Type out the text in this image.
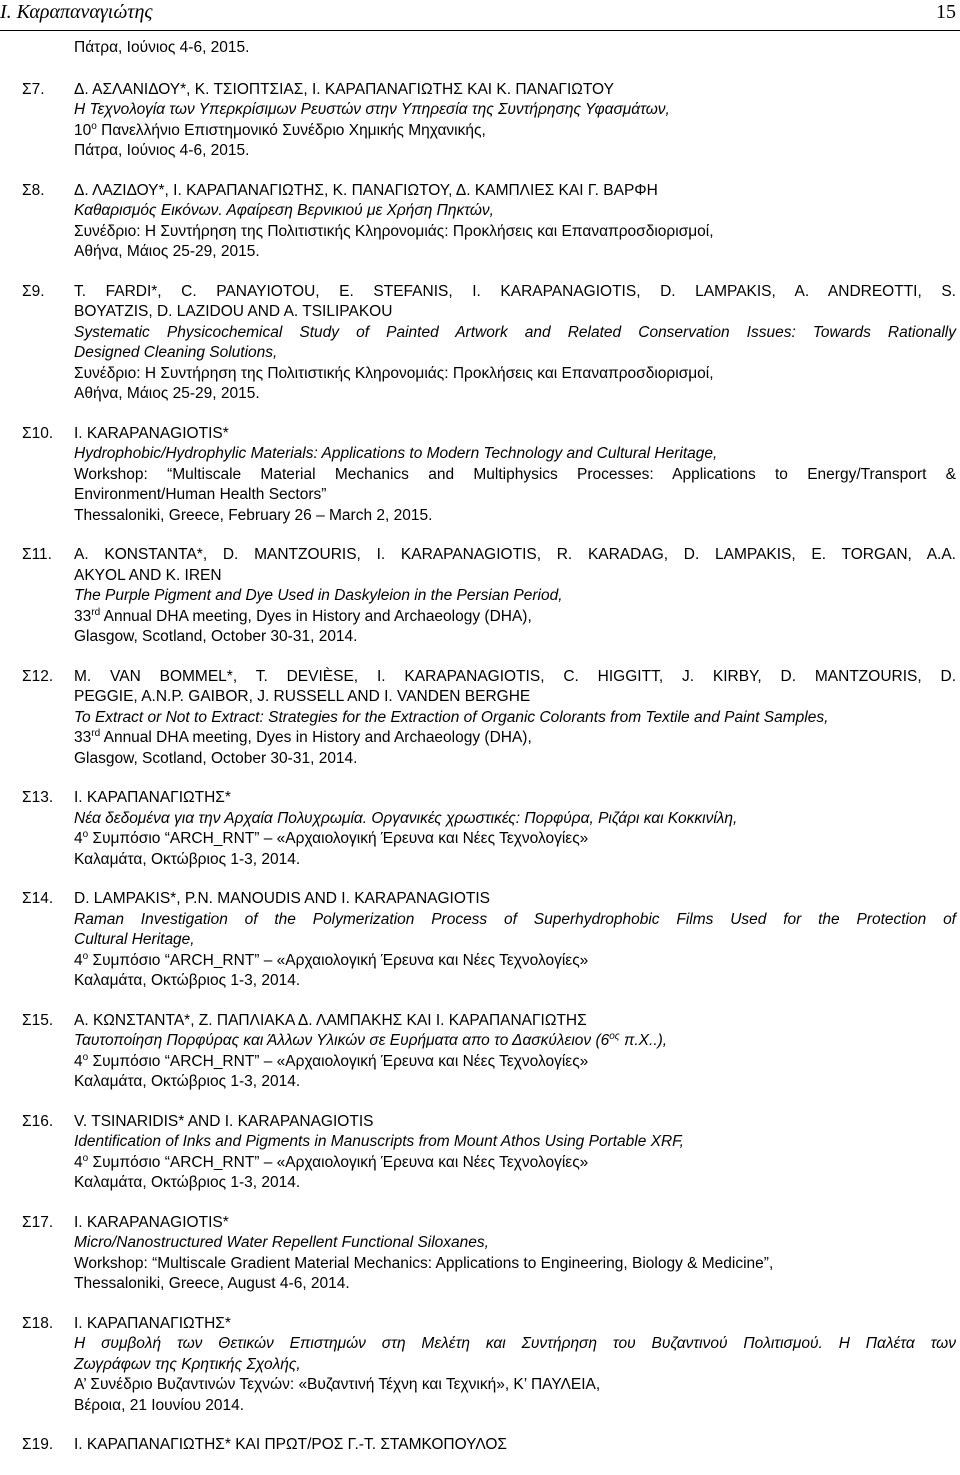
Ι. Καραπαναγιώτης	15
Πάτρα, Ιούνιος 4-6, 2015.
Σ7. Δ. ΑΣΛΑΝΙΔΟΥ*, Κ. ΤΣΙΟΠΤΣΙΑΣ, Ι. ΚΑΡΑΠΑΝΑΓΙΩΤΗΣ ΚΑΙ Κ. ΠΑΝΑΓΙΩΤΟΥ
Η Τεχνολογία των Υπερκρίσιμων Ρευστών στην Υπηρεσία της Συντήρησης Υφασμάτων,
$10^o$ Πανελλήνιο Επιστημονικό Συνέδριο Χημικής Μηχανικής,
Πάτρα, Ιούνιος 4-6, 2015.
Σ8. Δ. ΛΑΖΙΔΟΥ*, Ι. ΚΑΡΑΠΑΝΑΓΙΩΤΗΣ, Κ. ΠΑΝΑΓΙΩΤΟΥ, Δ. ΚΑΜΠΛΙΕΣ ΚΑΙ Γ. ΒΑΡΦΗ
Καθαρισμός Εικόνων. Αφαίρεση Βερνικιού με Χρήση Πηκτών,
Συνέδριο: Η Συντήρηση της Πολιτιστικής Κληρονομιάς: Προκλήσεις και Επαναπροσδιορισμοί,
Αθήνα, Μάιος 25-29, 2015.
Σ9. T. FARDI*, C. PANAYIOTOU, E. STEFANIS, I. KARAPANAGIOTIS, D. LAMPAKIS, A. ANDREOTTI, S.
BOYATZIS, D. LAZIDOU AND A. TSILIPAKOU
Systematic Physicochemical Study of Painted Artwork and Related Conservation Issues: Towards Rationally
Designed Cleaning Solutions,
Συνέδριο: Η Συντήρηση της Πολιτιστικής Κληρονομιάς: Προκλήσεις και Επαναπροσδιορισμοί,
Αθήνα, Μάιος 25-29, 2015.
Σ10. I. KARAPANAGIOTIS*
Hydrophobic/Hydrophylic Materials: Applications to Modern Technology and Cultural Heritage,
Workshop: “Multiscale Material Mechanics and Multiphysics Processes: Applications to Energy/Transport &
Environment/Human Health Sectors”
Thessaloniki, Greece, February 26 – March 2, 2015.
Σ11. A. KONSTANTA*, D. MANTZOURIS, I. KARAPANAGIOTIS, R. KARADAG, D. LAMPAKIS, E. TORGAN, A.A.
AKYOL AND K. IREN
The Purple Pigment and Dye Used in Daskyleion in the Persian Period,
33rd Annual DHA meeting, Dyes in History and Archaeology (DHA),
Glasgow, Scotland, October 30-31, 2014.
Σ12. M. VAN BOMMEL*, T. DEVIÈSE, I. KARAPANAGIOTIS, C. HIGGITT, J. KIRBY, D. MANTZOURIS, D.
PEGGIE, A.N.P. GAIBOR, J. RUSSELL AND I. VANDEN BERGHE
To Extract or Not to Extract: Strategies for the Extraction of Organic Colorants from Textile and Paint Samples,
33rd Annual DHA meeting, Dyes in History and Archaeology (DHA),
Glasgow, Scotland, October 30-31, 2014.
Σ13. Ι. ΚΑΡΑΠΑΝΑΓΙΩΤΗΣ*
Νέα δεδομένα για την Αρχαία Πολυχρωμία. Οργανικές χρωστικές: Πορφύρα, Ριζάρι και Κοκκινίλη,
$4^o$ Συμπόσιο “ARCH_RNT” – «Αρχαιολογική Έρευνα και Νέες Τεχνολογίες»
Καλαμάτα, Οκτώβριος 1-3, 2014.
Σ14. D. LAMPAKIS*, P.N. MANOUDIS AND I. KARAPANAGIOTIS
Raman Investigation of the Polymerization Process of Superhydrophobic Films Used for the Protection of
Cultural Heritage,
$4^o$ Συμπόσιο “ARCH_RNT” – «Αρχαιολογική Έρευνα και Νέες Τεχνολογίες»
Καλαμάτα, Οκτώβριος 1-3, 2014.
Σ15. Α. ΚΩΝΣΤΑΝΤΑ*, Ζ. ΠΑΠΛΙΑΚΑ Δ. ΛΑΜΠΑΚΗΣ ΚΑΙ Ι. ΚΑΡΑΠΑΝΑΓΙΩΤΗΣ
Ταυτοποίηση Πορφύρας και Άλλων Υλικών σε Ευρήματα απο το Δασκύλειον ($6^{o\varsigma}$ π.Χ..),
$4^o$ Συμπόσιο “ARCH_RNT” – «Αρχαιολογική Έρευνα και Νέες Τεχνολογίες»
Καλαμάτα, Οκτώβριος 1-3, 2014.
Σ16. V. TSINARIDIS* AND I. KARAPANAGIOTIS
Identification of Inks and Pigments in Manuscripts from Mount Athos Using Portable XRF,
$4^o$ Συμπόσιο “ARCH_RNT” – «Αρχαιολογική Έρευνα και Νέες Τεχνολογίες»
Καλαμάτα, Οκτώβριος 1-3, 2014.
Σ17. I. KARAPANAGIOTIS*
Micro/Nanostructured Water Repellent Functional Siloxanes,
Workshop: “Multiscale Gradient Material Mechanics: Applications to Engineering, Biology & Medicine”,
Thessaloniki, Greece, August 4-6, 2014.
Σ18. Ι. ΚΑΡΑΠΑΝΑΓΙΩΤΗΣ*
Η συμβολή των Θετικών Επιστημών στη Μελέτη και Συντήρηση του Βυζαντινού Πολιτισμού. Η Παλέτα των
Ζωγράφων της Κρητικής Σχολής,
Α’ Συνέδριο Βυζαντινών Τεχνών: «Βυζαντινή Τέχνη και Τεχνική», Κ’ ΠΑΥΛΕΙΑ,
Βέροια, 21 Ιουνίου 2014.
Σ19. Ι. ΚΑΡΑΠΑΝΑΓΙΩΤΗΣ* ΚΑΙ ΠΡΩΤ/ΡΟΣ Γ.-Τ. ΣΤΑΜΚΟΠΟΥΛΟΣ
